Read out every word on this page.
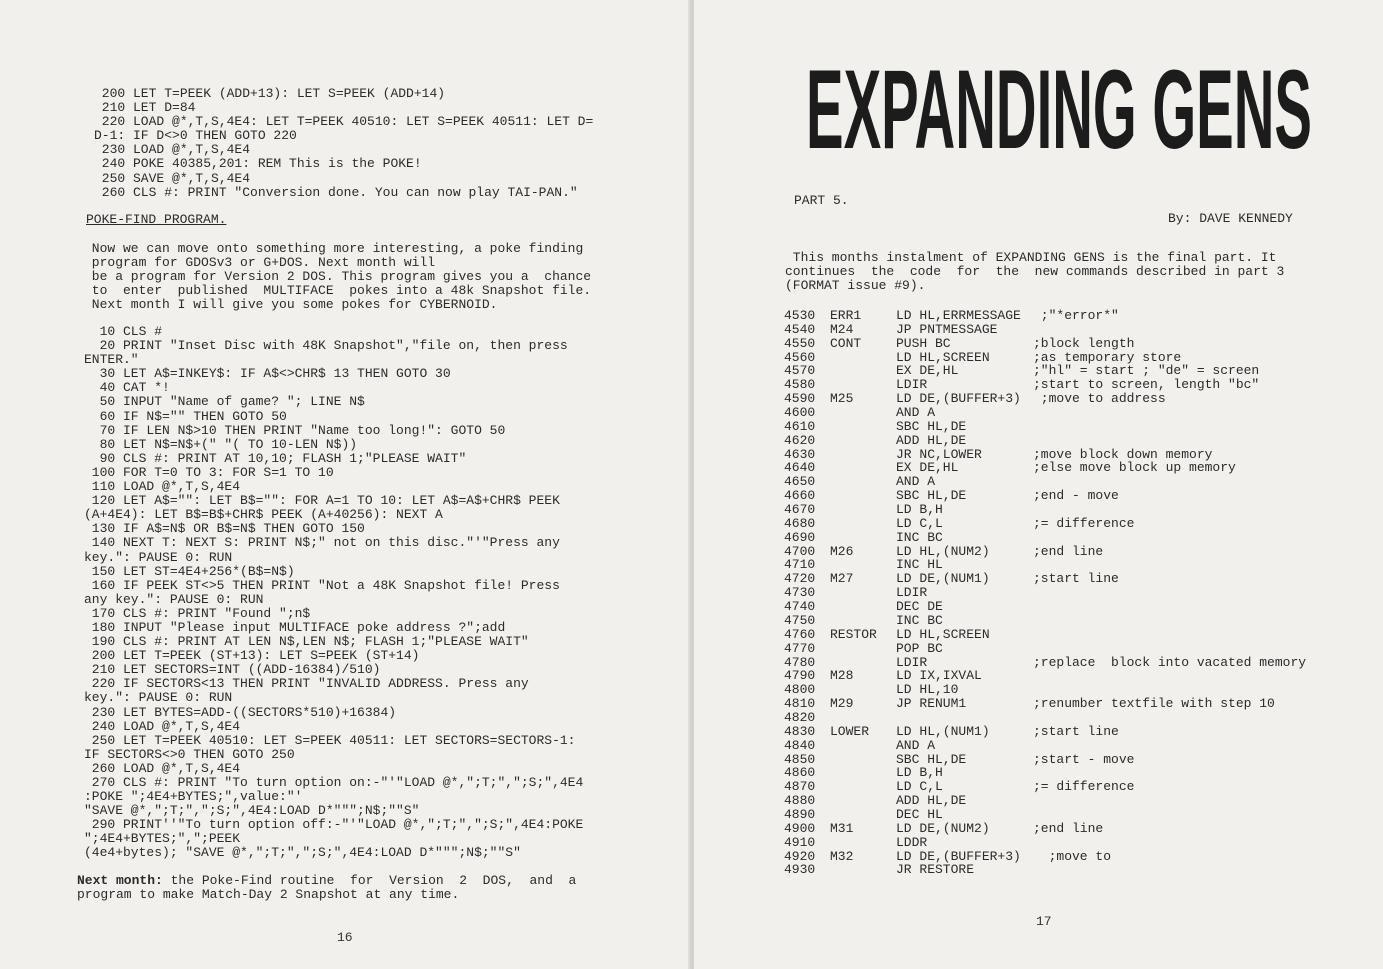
200 LET T=PEEK (ADD+13): LET S=PEEK (ADD+14)
210 LET D=84
220 LOAD @*,T,S,4E4: LET T=PEEK 40510: LET S=PEEK 40511: LET D=
D-1: IF D<>0 THEN GOTO 220
230 LOAD @*,T,S,4E4
240 POKE 40385,201: REM This is the POKE!
250 SAVE @*,T,S,4E4
260 CLS #: PRINT "Conversion done. You can now play TAI-PAN."
POKE-FIND PROGRAM.
Now we can move onto something more interesting, a poke finding
program for GDOSv3 or G+DOS. Next month will
be a program for Version 2 DOS. This program gives you a  chance
to  enter  published  MULTIFACE  pokes into a 48k Snapshot file.
Next month I will give you some pokes for CYBERNOID.
10 CLS #
20 PRINT "Inset Disc with 48K Snapshot","file on, then press
ENTER."
30 LET A$=INKEY$: IF A$<>CHR$ 13 THEN GOTO 30
40 CAT *!
50 INPUT "Name of game? "; LINE N$
60 IF N$="" THEN GOTO 50
70 IF LEN N$>10 THEN PRINT "Name too long!": GOTO 50
80 LET N$=N$+(" "( TO 10-LEN N$))
90 CLS #: PRINT AT 10,10; FLASH 1;"PLEASE WAIT"
100 FOR T=0 TO 3: FOR S=1 TO 10
110 LOAD @*,T,S,4E4
120 LET A$="": LET B$="": FOR A=1 TO 10: LET A$=A$+CHR$ PEEK
(A+4E4): LET B$=B$+CHR$ PEEK (A+40256): NEXT A
130 IF A$=N$ OR B$=N$ THEN GOTO 150
140 NEXT T: NEXT S: PRINT N$;" not on this disc."'"Press any
key.": PAUSE 0: RUN
150 LET ST=4E4+256*(B$=N$)
160 IF PEEK ST<>5 THEN PRINT "Not a 48K Snapshot file! Press
any key.": PAUSE 0: RUN
170 CLS #: PRINT "Found ";n$
180 INPUT "Please input MULTIFACE poke address ?";add
190 CLS #: PRINT AT LEN N$,LEN N$; FLASH 1;"PLEASE WAIT"
200 LET T=PEEK (ST+13): LET S=PEEK (ST+14)
210 LET SECTORS=INT ((ADD-16384)/510)
220 IF SECTORS<13 THEN PRINT "INVALID ADDRESS. Press any
key.": PAUSE 0: RUN
230 LET BYTES=ADD-((SECTORS*510)+16384)
240 LOAD @*,T,S,4E4
250 LET T=PEEK 40510: LET S=PEEK 40511: LET SECTORS=SECTORS-1:
IF SECTORS<>0 THEN GOTO 250
260 LOAD @*,T,S,4E4
270 CLS #: PRINT "To turn option on:-"'"LOAD @*,";T;",";S;",4E4
:POKE ";4E4+BYTES;",value:"'
"SAVE @*,";T;",";S;",4E4:LOAD D*""";N$;""S"
290 PRINT''"To turn option off:-"'"LOAD @*,";T;",";S;",4E4:POKE
";4E4+BYTES;",";PEEK
(4e4+bytes); "SAVE @*,";T;",";S;",4E4:LOAD D*""";N$;""S"
Next month: the Poke-Find routine  for  Version  2  DOS,  and  a
program to make Match-Day 2 Snapshot at any time.
16
EXPANDING GENS
PART 5.
By: DAVE KENNEDY
This months instalment of EXPANDING GENS is the final part. It
continues  the  code  for  the  new commands described in part 3
(FORMAT issue #9).
4530 ERR1	LD HL,ERRMESSAGE ;"*error*"
4540 M24	JP PNTMESSAGE
4550 CONT	PUSH BC	;block length
4560	LD HL,SCREEN	;as temporary store
4570	EX DE,HL	;"hl" = start ; "de" = screen
4580	LDIR	;start to screen, length "bc"
4590 M25	LD DE,(BUFFER+3) ;move to address
4600	AND A
4610	SBC HL,DE
4620	ADD HL,DE
4630	JR NC,LOWER	;move block down memory
4640	EX DE,HL	;else move block up memory
4650	AND A
4660	SBC HL,DE	;end - move
4670	LD B,H
4680	LD C,L	;= difference
4690	INC BC
4700 M26	LD HL,(NUM2)	;end line
4710	INC HL
4720 M27	LD DE,(NUM1)	;start line
4730	LDIR
4740	DEC DE
4750	INC BC
4760 RESTOR LD HL,SCREEN
4770	POP BC
4780	LDIR	;replace  block into vacated memory
4790 M28	LD IX,IXVAL
4800	LD HL,10
4810 M29	JP RENUM1	;renumber textfile with step 10
4820
4830 LOWER LD HL,(NUM1)	;start line
4840	AND A
4850	SBC HL,DE	;start - move
4860	LD B,H
4870	LD C,L	;= difference
4880	ADD HL,DE
4890	DEC HL
4900 M31	LD DE,(NUM2)	;end line
4910	LDDR
4920 M32	LD DE,(BUFFER+3) ;move to
4930	JR RESTORE
17
